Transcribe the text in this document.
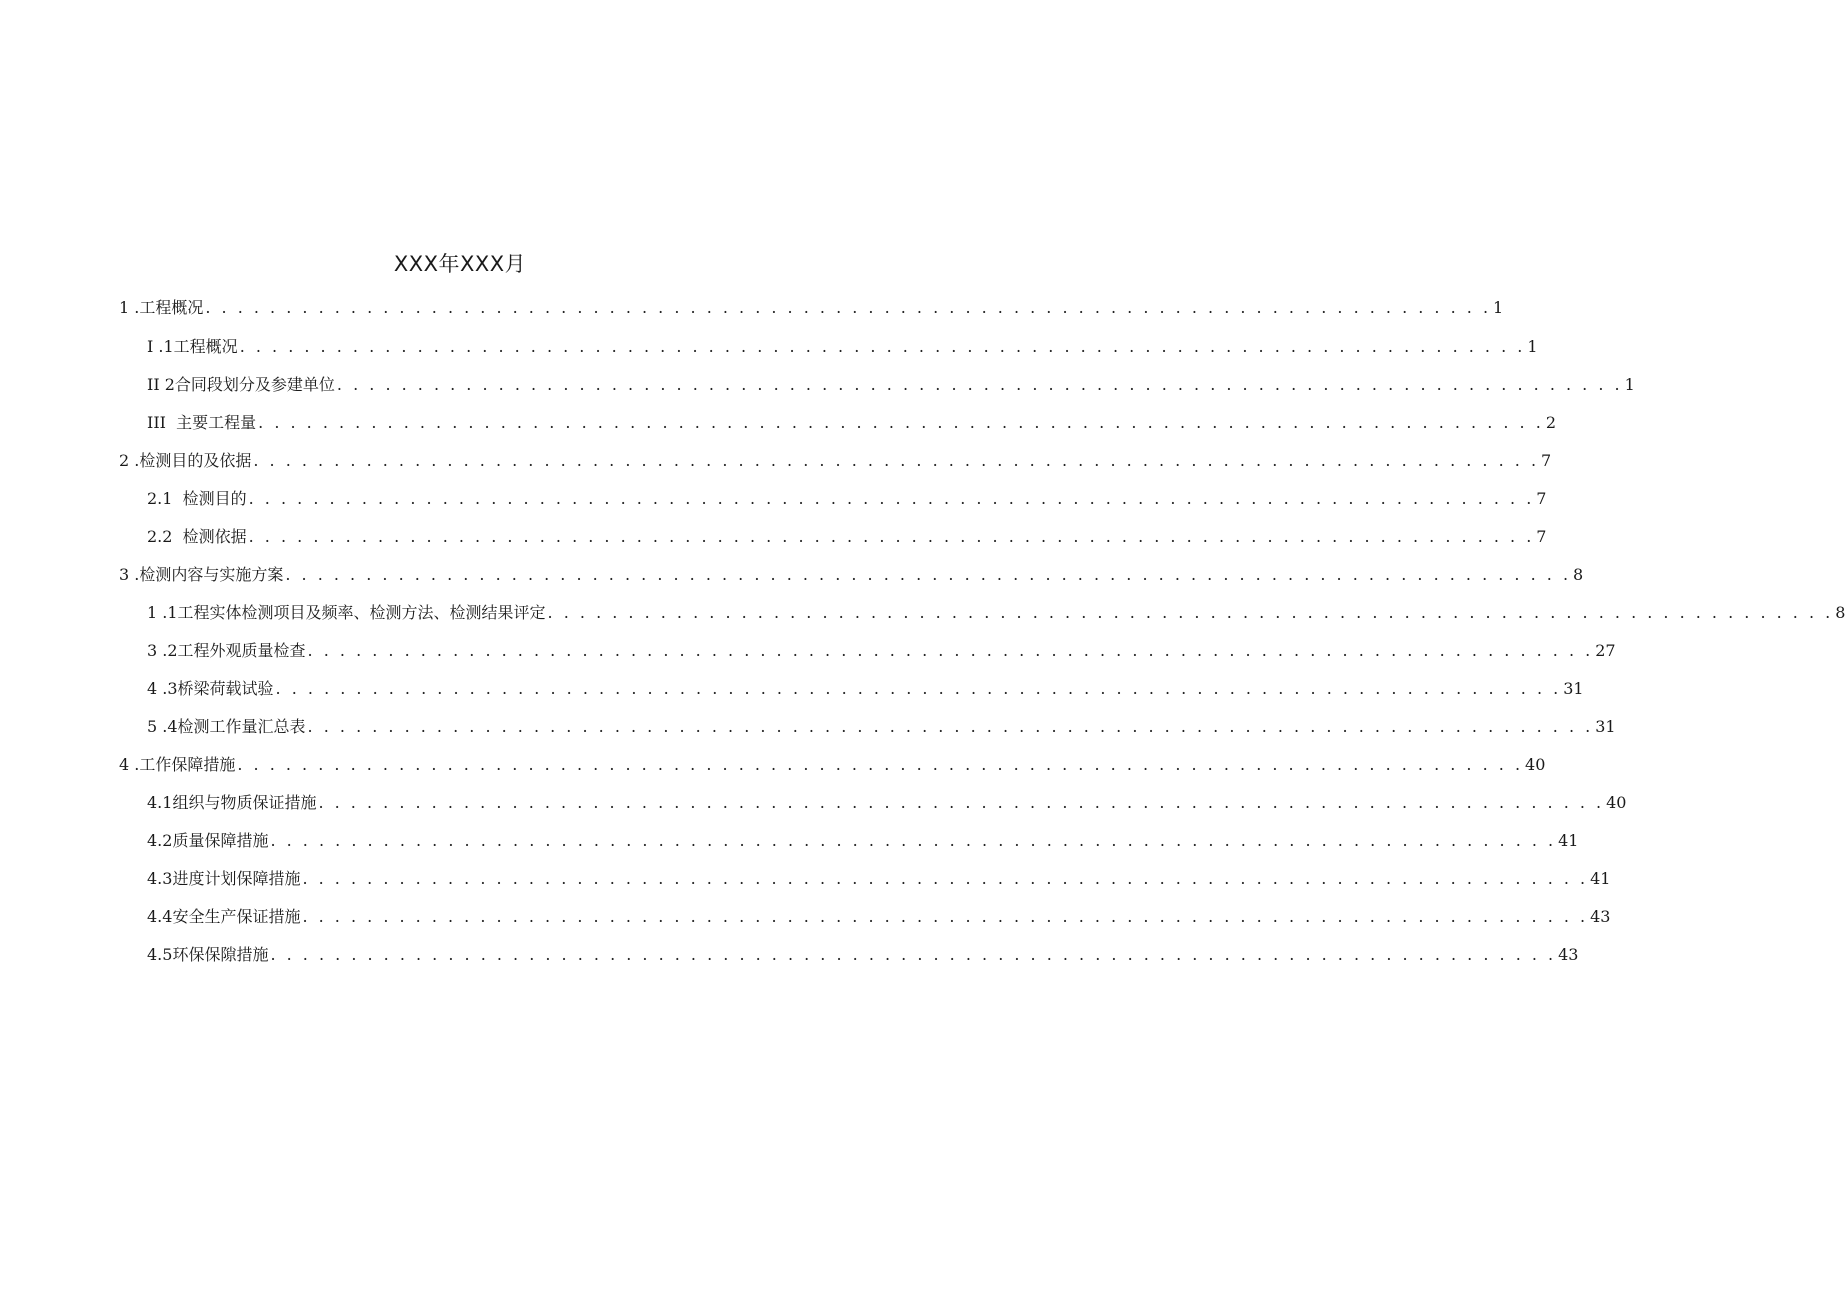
XXX年XXX月
1 .工程概况 . . . . . . . . . . . . . . . . . . . . . . . . . . . . . . . . . . . . . . . . . . . . . . . . . . . . . . . . . . . . . . . . . . . . . . . . . . . . . . . . 1
I .1工程概况 . . . . . . . . . . . . . . . . . . . . . . . . . . . . . . . . . . . . . . . . . . . . . . . . . . . . . . . . . . . . . . . . . . . . . . . . . . . . . . . . 1
II 2合同段划分及参建单位 . . . . . . . . . . . . . . . . . . . . . . . . . . . . . . . . . . . . . . . . . . . . . . . . . . . . . . . . . . . . . . . . . . . . . . . . . . . . . . . . 1
III  主要工程量 . . . . . . . . . . . . . . . . . . . . . . . . . . . . . . . . . . . . . . . . . . . . . . . . . . . . . . . . . . . . . . . . . . . . . . . . . . . . . . . . 2
2 .检测目的及依据 . . . . . . . . . . . . . . . . . . . . . . . . . . . . . . . . . . . . . . . . . . . . . . . . . . . . . . . . . . . . . . . . . . . . . . . . . . . . . . . . 7
2.1  检测目的 . . . . . . . . . . . . . . . . . . . . . . . . . . . . . . . . . . . . . . . . . . . . . . . . . . . . . . . . . . . . . . . . . . . . . . . . . . . . . . . . 7
2.2  检测依据 . . . . . . . . . . . . . . . . . . . . . . . . . . . . . . . . . . . . . . . . . . . . . . . . . . . . . . . . . . . . . . . . . . . . . . . . . . . . . . . . 7
3 .检测内容与实施方案 . . . . . . . . . . . . . . . . . . . . . . . . . . . . . . . . . . . . . . . . . . . . . . . . . . . . . . . . . . . . . . . . . . . . . . . . . . . . . . . . 8
1 .1工程实体检测项目及频率、检测方法、检测结果评定 . . . . . . . . . . . . . . . . . . . . . . . . . . . . . . . . . . . . . . . . . . . . . . . . . . . . . . . . . . . . . . . . . . . . . . . . . . . . . . . . 8
3 .2工程外观质量检查 . . . . . . . . . . . . . . . . . . . . . . . . . . . . . . . . . . . . . . . . . . . . . . . . . . . . . . . . . . . . . . . . . . . . . . . . . . . . . . . . 27
4 .3桥梁荷载试验 . . . . . . . . . . . . . . . . . . . . . . . . . . . . . . . . . . . . . . . . . . . . . . . . . . . . . . . . . . . . . . . . . . . . . . . . . . . . . . . . 31
5 .4检测工作量汇总表 . . . . . . . . . . . . . . . . . . . . . . . . . . . . . . . . . . . . . . . . . . . . . . . . . . . . . . . . . . . . . . . . . . . . . . . . . . . . . . . . 31
4 .工作保障措施 . . . . . . . . . . . . . . . . . . . . . . . . . . . . . . . . . . . . . . . . . . . . . . . . . . . . . . . . . . . . . . . . . . . . . . . . . . . . . . . . 40
4.1组织与物质保证措施 . . . . . . . . . . . . . . . . . . . . . . . . . . . . . . . . . . . . . . . . . . . . . . . . . . . . . . . . . . . . . . . . . . . . . . . . . . . . . . . . 40
4.2质量保障措施 . . . . . . . . . . . . . . . . . . . . . . . . . . . . . . . . . . . . . . . . . . . . . . . . . . . . . . . . . . . . . . . . . . . . . . . . . . . . . . . . 41
4.3进度计划保障措施 . . . . . . . . . . . . . . . . . . . . . . . . . . . . . . . . . . . . . . . . . . . . . . . . . . . . . . . . . . . . . . . . . . . . . . . . . . . . . . . . 41
4.4安全生产保证措施 . . . . . . . . . . . . . . . . . . . . . . . . . . . . . . . . . . . . . . . . . . . . . . . . . . . . . . . . . . . . . . . . . . . . . . . . . . . . . . . . 43
4.5环保保隙措施 . . . . . . . . . . . . . . . . . . . . . . . . . . . . . . . . . . . . . . . . . . . . . . . . . . . . . . . . . . . . . . . . . . . . . . . . . . . . . . . . 43
